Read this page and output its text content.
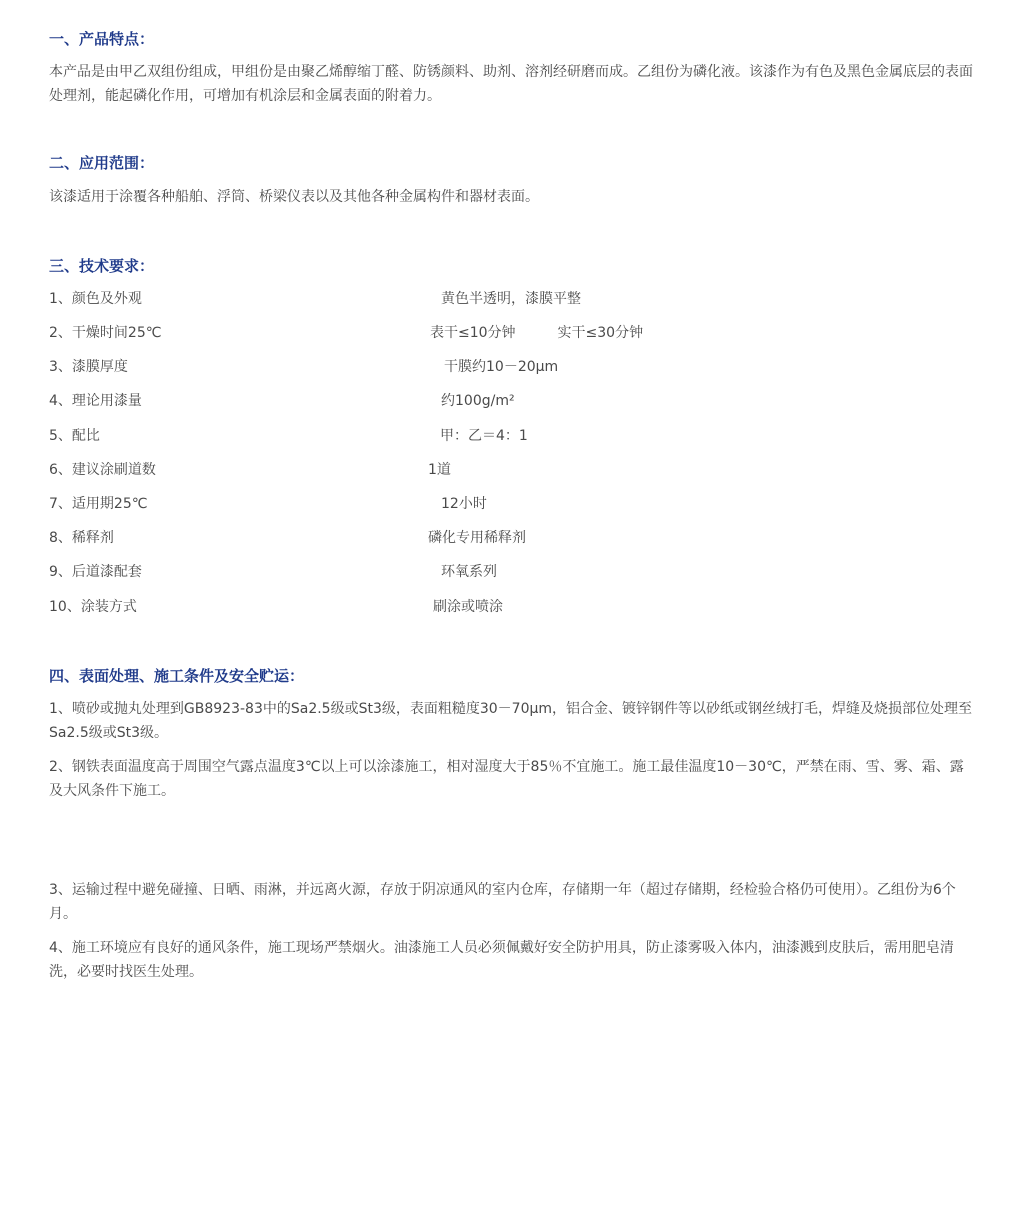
一、产品特点：
本产品是由甲乙双组份组成，甲组份是由聚乙烯醇缩丁醛、防锈颜料、助剂、溶剂经研磨而成。乙组份为磷化液。该漆作为有色及黑色金属底层的表面处理剂，能起磷化作用，可增加有机涂层和金属表面的附着力。
二、应用范围：
该漆适用于涂覆各种船舶、浮筒、桥梁仪表以及其他各种金属构件和器材表面。
三、技术要求：
1、颜色及外观	黄色半透明，漆膜平整
2、干燥时间25℃	表干≤10分钟　　　实干≤30分钟
3、漆膜厚度	干膜约10－20μm
4、理论用漆量	约100g/m²
5、配比	甲：乙＝4：1
6、建议涂刷道数	1道
7、适用期25℃	12小时
8、稀释剂	磷化专用稀释剂
9、后道漆配套	环氧系列
10、涂装方式	刷涂或喷涂
四、表面处理、施工条件及安全贮运：
1、喷砂或抛丸处理到GB8923-83中的Sa2.5级或St3级，表面粗糙度30－70μm，铝合金、镀锌钢件等以砂纸或钢丝绒打毛，焊缝及烧损部位处理至Sa2.5级或St3级。
2、钢铁表面温度高于周围空气露点温度3℃以上可以涂漆施工，相对湿度大于85％不宜施工。施工最佳温度10－30℃，严禁在雨、雪、雾、霜、露及大风条件下施工。
3、运输过程中避免碰撞、日晒、雨淋，并远离火源，存放于阴凉通风的室内仓库，存储期一年（超过存储期，经检验合格仍可使用）。乙组份为6个月。
4、施工环境应有良好的通风条件，施工现场严禁烟火。油漆施工人员必须佩戴好安全防护用具，防止漆雾吸入体内，油漆溅到皮肤后，需用肥皂清洗，必要时找医生处理。
